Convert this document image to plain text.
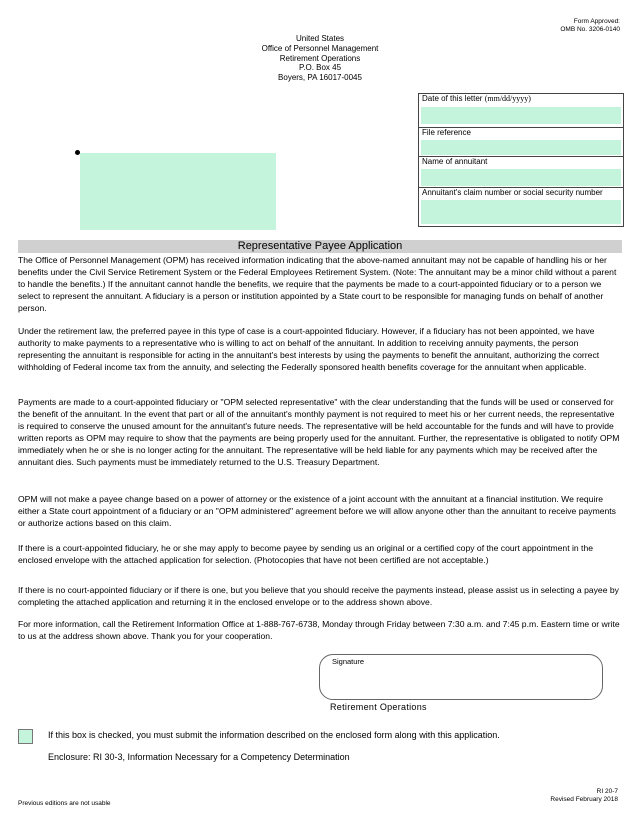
Form Approved:
OMB No. 3206-0140
United States
Office of Personnel Management
Retirement Operations
P.O. Box 45
Boyers, PA 16017-0045
Date of this letter (mm/dd/yyyy)
File reference
Name of annuitant
Annuitant's claim number or social security number
Representative Payee Application

The Office of Personnel Management (OPM) has received information indicating that the above-named annuitant may not be capable of handling his or her benefits under the Civil Service Retirement System or the Federal Employees Retirement System. (Note: The annuitant may be a minor child without a parent to handle the benefits.) If the annuitant cannot handle the benefits, we require that the payments be made to a court-appointed fiduciary or to a person we select to represent the annuitant. A fiduciary is a person or institution appointed by a State court to be responsible for managing funds on behalf of another person.

Under the retirement law, the preferred payee in this type of case is a court-appointed fiduciary. However, if a fiduciary has not been appointed, we have authority to make payments to a representative who is willing to act on behalf of the annuitant. In addition to receiving annuity payments, the person representing the annuitant is responsible for acting in the annuitant's best interests by using the payments to benefit the annuitant, authorizing the correct withholding of Federal income tax from the annuity, and selecting the Federally sponsored health benefits coverage for the annuitant when applicable.

Payments are made to a court-appointed fiduciary or "OPM selected representative" with the clear understanding that the funds will be used or conserved for the benefit of the annuitant. In the event that part or all of the annuitant's monthly payment is not required to meet his or her current needs, the representative is required to conserve the unused amount for the annuitant's future needs. The representative will be held accountable for the funds and will have to provide written reports as OPM may require to show that the payments are being properly used for the annuitant. Further, the representative is obligated to notify OPM immediately when he or she is no longer acting for the annuitant. The representative will be held liable for any payments which may be received after the annuitant dies. Such payments must be immediately returned to the U.S. Treasury Department.

OPM will not make a payee change based on a power of attorney or the existence of a joint account with the annuitant at a financial institution. We require either a State court appointment of a fiduciary or an "OPM administered" agreement before we will allow anyone other than the annuitant to receive payments or authorize actions based on this claim.

If there is a court-appointed fiduciary, he or she may apply to become payee by sending us an original or a certified copy of the court appointment in the enclosed envelope with the attached application for selection. (Photocopies that have not been certified are not acceptable.)

If there is no court-appointed fiduciary or if there is one, but you believe that you should receive the payments instead, please assist us in selecting a payee by completing the attached application and returning it in the enclosed envelope or to the address shown above.

For more information, call the Retirement Information Office at 1-888-767-6738, Monday through Friday between 7:30 a.m. and 7:45 p.m. Eastern time or write to us at the address shown above. Thank you for your cooperation.

Signature
Retirement Operations
If this box is checked, you must submit the information described on the enclosed form along with this application.
Enclosure: RI 30-3, Information Necessary for a Competency Determination
Previous editions are not usable
RI 20-7
Revised February 2018
